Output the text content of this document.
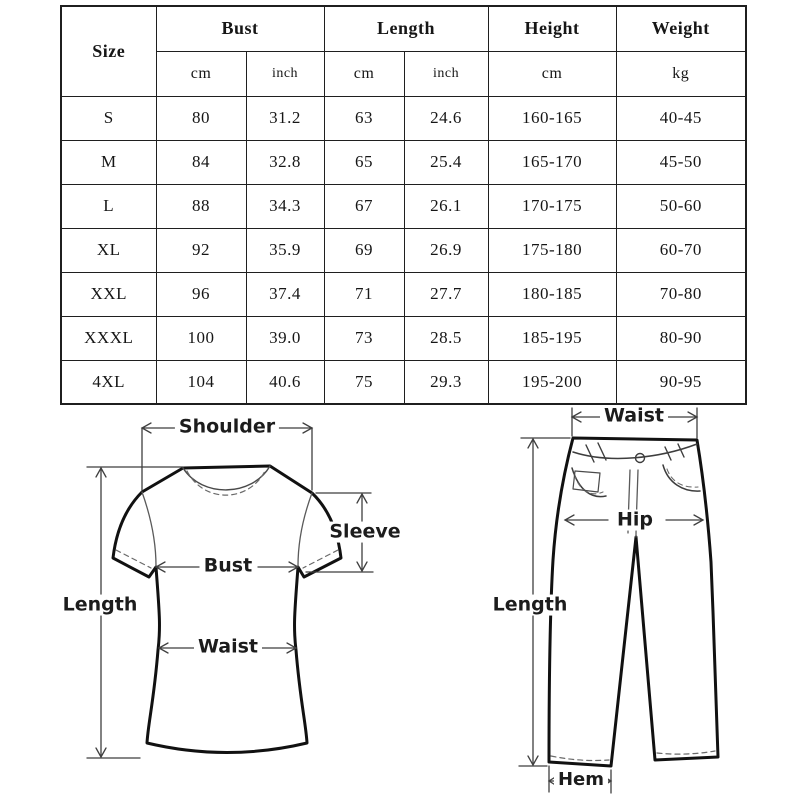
Shoulder
Sleeve
Bust
Waist
Length
Waist
Hip
Length
Hem
Size	Bust		Length		Height	Weight
	cm	inch	cm	inch	cm	kg
S	80	31.2	63	24.6	160-165	40-45
M	84	32.8	65	25.4	165-170	45-50
L	88	34.3	67	26.1	170-175	50-60
XL	92	35.9	69	26.9	175-180	60-70
XXL	96	37.4	71	27.7	180-185	70-80
XXXL	100	39.0	73	28.5	185-195	80-90
4XL	104	40.6	75	29.3	195-200	90-95
